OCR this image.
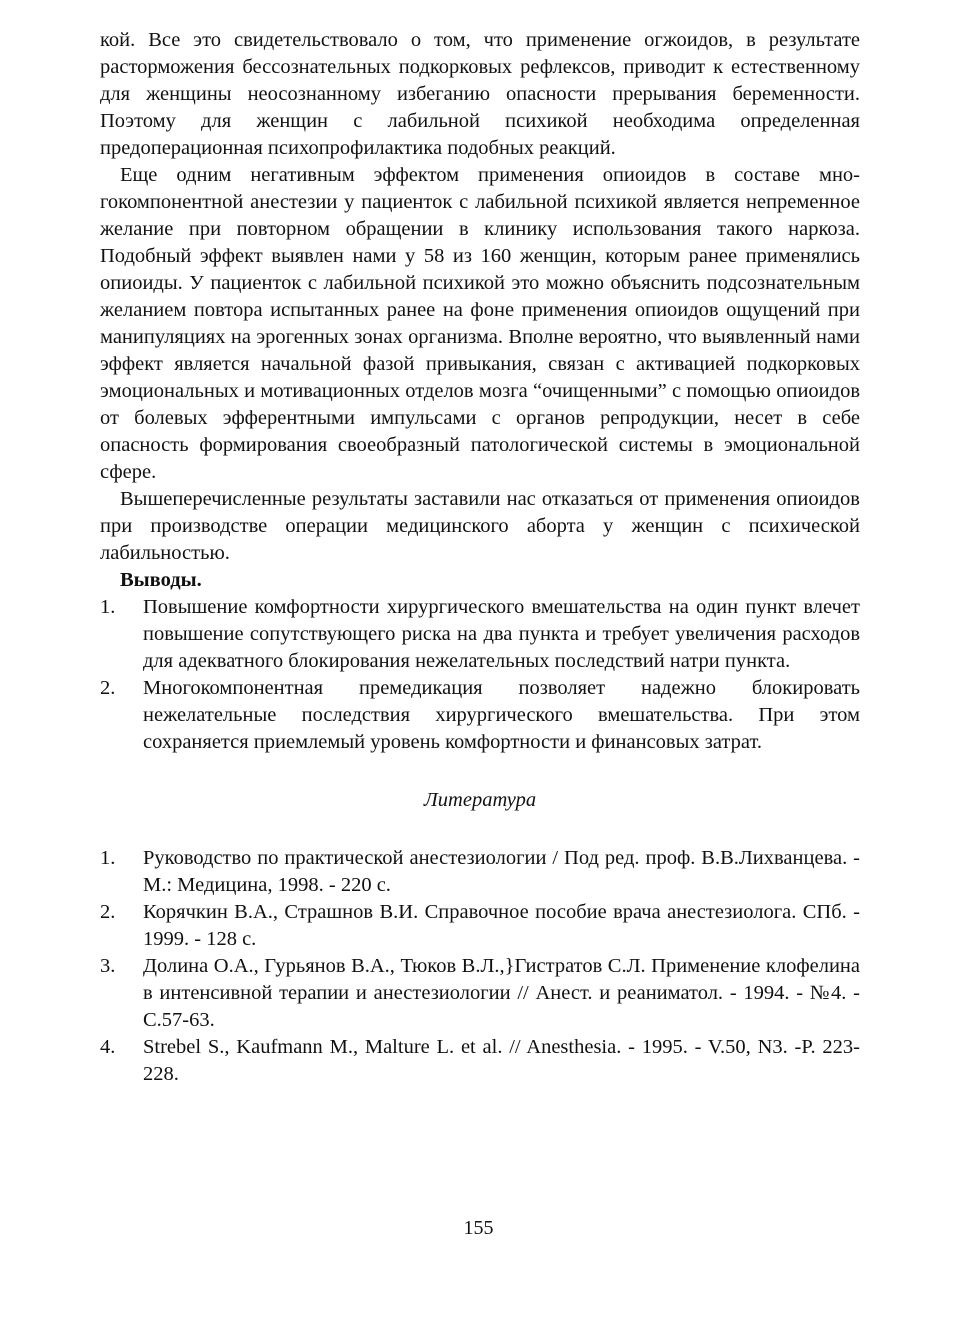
кой. Все это свидетельствовало о том, что применение огжоидов, в результате расторможения бессознательных подкорковых рефлексов, приводит к естественному для женщины неосознанному избеганию опасности прерывания беременности. Поэтому для женщин с лабильной психикой необходима определенная предоперационная психопрофилактика подобных реакций.

Еще одним негативным эффектом применения опиоидов в составе многокомпонентной анестезии у пациенток с лабильной психикой является непременное желание при повторном обращении в клинику использования такого наркоза. Подобный эффект выявлен нами у 58 из 160 женщин, которым ранее применялись опиоиды. У пациенток с лабильной психикой это можно объяснить подсознательным желанием повтора испытанных ранее на фоне применения опиоидов ощущений при манипуляциях на эрогенных зонах организма. Вполне вероятно, что выявленный нами эффект является начальной фазой привыкания, связан с активацией подкорковых эмоциональных и мотивационных отделов мозга “очищенными” с помощью опиоидов от болевых эфферентными импульсами с органов репродукции, несет в себе опасность формирования своеобразный патологической системы в эмоциональной сфере.

Вышеперечисленные результаты заставили нас отказаться от применения опиоидов при производстве операции медицинского аборта у женщин с психической лабильностью.

Выводы.

1. Повышение комфортности хирургического вмешательства на один пункт влечет повышение сопутствующего риска на два пункта и требует увеличения расходов для адекватного блокирования нежелательных последствий натри пункта.
2. Многокомпонентная премедикация позволяет надежно блокировать нежелательные последствия хирургического вмешательства. При этом сохраняется приемлемый уровень комфортности и финансовых затрат.

Литература

1. Руководство по практической анестезиологии / Под ред. проф. В.В.Лихванцева. - М.: Медицина, 1998. - 220 с.
2. Корячкин В.А., Страшнов В.И. Справочное пособие врача анестезиолога. СПб. - 1999. - 128 с.
3. Долина О.А., Гурьянов В.А., Тюков В.Л.,}Гистратов С.Л. Применение клофелина в интенсивной терапии и анестезиологии // Анест. и реаниматол. - 1994. - №4. - С.57-63.
4. Strebel S., Kaufmann M., Malture L. et al. // Anesthesia. - 1995. - V.50, N3. -P. 223-228.
155
